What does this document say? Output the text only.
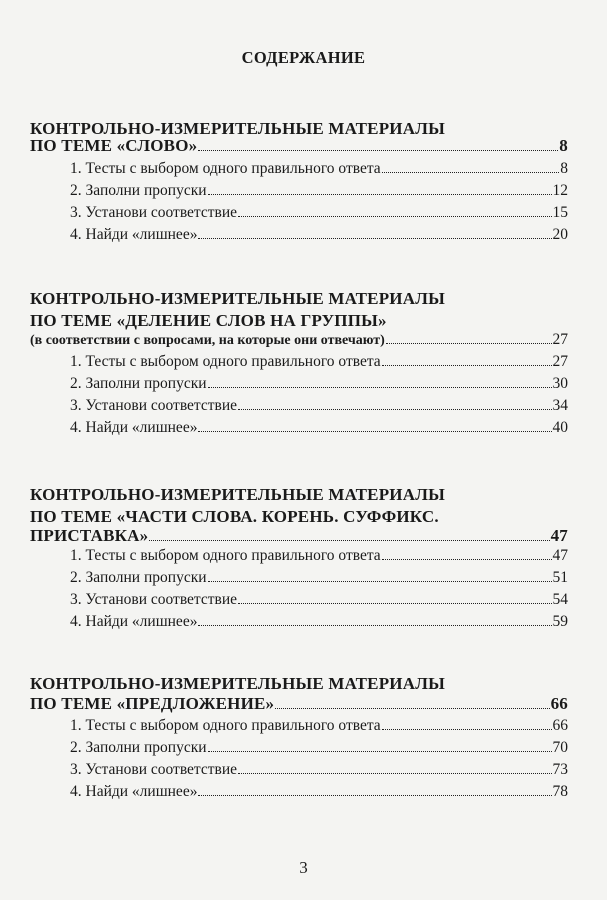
СОДЕРЖАНИЕ
КОНТРОЛЬНО-ИЗМЕРИТЕЛЬНЫЕ МАТЕРИАЛЫ
ПО ТЕМЕ «СЛОВО»	8
1. Тесты с выбором одного правильного ответа	8
2. Заполни пропуски	12
3. Установи соответствие	15
4. Найди «лишнее»	20
КОНТРОЛЬНО-ИЗМЕРИТЕЛЬНЫЕ МАТЕРИАЛЫ
ПО ТЕМЕ «ДЕЛЕНИЕ СЛОВ НА ГРУППЫ»
(в соответствии с вопросами, на которые они отвечают)	27
1. Тесты с выбором одного правильного ответа	27
2. Заполни пропуски	30
3. Установи соответствие	34
4. Найди «лишнее»	40
КОНТРОЛЬНО-ИЗМЕРИТЕЛЬНЫЕ МАТЕРИАЛЫ
ПО ТЕМЕ «ЧАСТИ СЛОВА. КОРЕНЬ. СУФФИКС.
ПРИСТАВКА»	47
1. Тесты с выбором одного правильного ответа	47
2. Заполни пропуски	51
3. Установи соответствие	54
4. Найди «лишнее»	59
КОНТРОЛЬНО-ИЗМЕРИТЕЛЬНЫЕ МАТЕРИАЛЫ
ПО ТЕМЕ «ПРЕДЛОЖЕНИЕ»	66
1. Тесты с выбором одного правильного ответа	66
2. Заполни пропуски	70
3. Установи соответствие	73
4. Найди «лишнее»	78
3
